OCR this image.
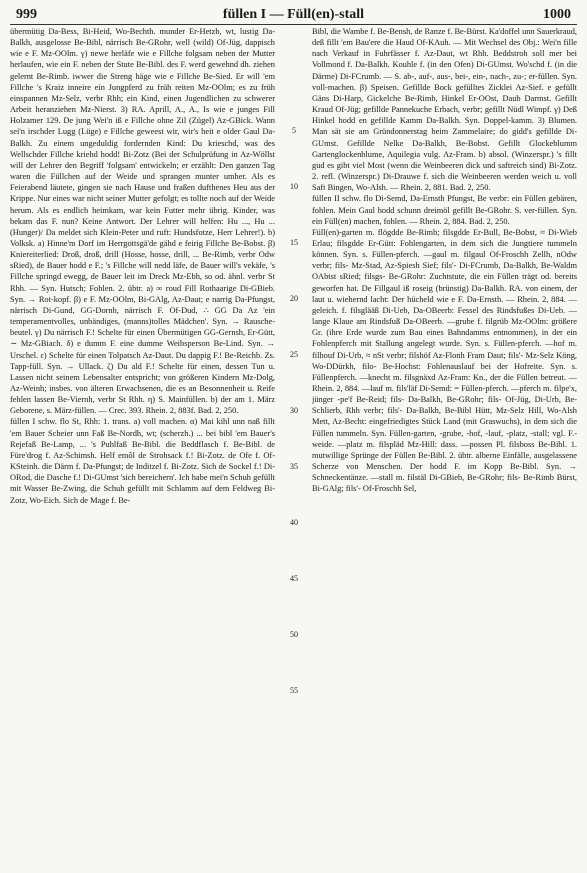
999	füllen I — Füll(en)-stall	1000

übermütig Da-Bess, Bi-Heid, Wo-Bechth. munder Er-Hetzb, wt, lustig Da-Balkh, ausgelosse Be-Bibl, närrisch Be-GRohr, well (wild) Of-Jüg, dappisch wie e F. Mz-OOlm. γ) newe herläfe wie e Fillche folgsam neben der Mutter herlaufen, wie ein F. neben der Stute Be-Bibl. des F. werd gewehnd dh. ziehen gelernt Be-Rimb. iwwer die Streng häge wie e Fillche Be-Sied. Er will 'em Fillche 's Kraiz inneire ein Jungpferd zu früh reiten Mz-OOlm; es zu früh einspannen Mz-Selz, verbr Rhh; ein Kind, einen Jugendlichen zu schwerer Arbeit heranziehen Mz-Nierst. 3) RA. Aprill, A., A., Is wie e junges Fill Holzamer 129. De jung Wei'n iß e Fillche ohne Zil (Zügel) Az-GBick. Wann sei'n irschder Lugg (Lüge) e Fillche geweest wir, wir's heit e older Gaul Da-Balkh. Zu einem ungeduldig fordernden Kind: Du krieschd, was des Wellschder Fillche kriehd hodd! Bi-Zotz (Bei der Schulprüfung in Az-Wöllst will der Lehrer den Begriff 'folgsam' entwickeln; er erzählt: Den ganzen Tag waren die Füllchen auf der Weide und sprangen munter umher. Als es Feierabend läutete, gingen sie nach Hause und fraßen dufthenes Heu aus der Krippe. Nur eines war nicht seiner Mutter gefolgt; es tollte noch auf der Weide herum. Als es endlich heimkam, war kein Futter mehr übrig. Kinder, was bekam das F. nun? Keine Antwort. Der Lehrer will helfen: Hu ..., Hu ... (Hunger)/ Da meldet sich Klein-Peter und ruft: Hundsfotze, Herr Lehrer!). b) Volksk. a) Hinne'm Dorf im Herrgottsgä'de gähd e feirig Fillche Be-Bobst. β) Kniereiterlied: Droß, droß, drill (Hosse, hosse, drill, ... Be-Rimb, verbr Odw sRied), de Bauer hodd e F.; 's Fillche will nedd läfe, de Bauer will's vekäfe, 's Fillche springd ewegg, de Bauer leit im Dreck Mz-Ebh, so od. ähnl. verbr St Rhh. — Syn. Hutsch; Fohlen. 2. übtr. a) ∞ roud Fill Rothaarige Di-GBieb. Syn. → Rot-kopf. β) e F. Mz-OOlm, Bi-GAlg, Az-Daut; e narrig Da-Pfungst, närrisch Di-Gund, GG-Dornh, närrisch F. Of-Dud, ∴ GG Da Az 'ein temperamentvolles, unbändiges, (manns)tolles Mädchen'. Syn. → Rausche-beutel. γ) Du närrisch F.! Schelte für einen Übermütigen GG-Gernsh, Er-Gütt, ∼ Mz-GBiach. δ) e dumm F. eine dumme Weibsperson Be-Lind. Syn. → Urschel. ε) Schelte für einen Tolpatsch Az-Daut. Du dappig F.! Be-Reichb. Zs. Tapp-füll. Syn. → Ullack. ζ) Du ald F.! Schelte für einen, dessen Tun u. Lassen nicht seinem Lebensalter entspricht; von größeren Kindern Mz-Dolg, Az-Weinh; insbes. von älteren Erwachsenen, die es an Besonnenheit u. Reife fehlen lassen Be-Viernh, verbr St Rhh. η) S. Mainfüllen. b) der am 1. März Geborene, s. März-füllen. — Crec. 393. Rhein. 2, 883f. Bad. 2, 250.

füllen I schw. flo St, Rhh: 1. trans. a) voll machen. α) Mai kihl unn naß fillt 'em Bauer Scheier unn Faß Be-Nordh, wt; (scherzh.) ... bei bibl 'em Bauer's Rejefaß Be-Lamp, ... 's Puhlfaß Be-Bibl. die Beddflasch f. Be-Bibl. de Füre'drog f. Az-Schimsh. Helf emôl de Strohsack f.! Bi-Zotz. de Ofe f. Of-KSteinh. die Därm f. Da-Pfungst; de Inditzel f. Bi-Zotz. Sich de Sockel f.! Di-ORod, die Dasche f.! Di-GUmst 'sich bereichern'. Ich habe mei'n Schuh gefüllt mit Wasser Be-Zwing, die Schuh gefüllt mit Schlamm auf dem Feldweg Bi-Zotz, Wo-Eich. Sich de Mage f. Be-

5
10
15
20
25
30
35
40
45
50
55

Bibl, die Wambe f. Be-Bensh, de Ranze f. Be-Bürst. Ka'doffel unn Sauerkraud, deß fillt 'em Bau'ere die Haud Of-KAuh. — Mit Wechsel des Obj.: Wei'n fille nach Verkauf in Fuhrfässer f. Az-Daut, wt Rhh. Beddstroh soll mer bei Vollmond f. Da-Balkh. Kouhle f. (in den Ofen) Di-GUmst. Wo'schd f. (in die Därme) Di-FCrumb. — S. ab-, auf-, aus-, bei-, ein-, nach-, zu-; er-füllen. Syn. voll-machen. β) Speisen. Gefillde Bock gefülltes Zicklei Az-Sief. e gefüllt Gäns Di-Harp, Gickelche Be-Rimb, Hinkel Er-OOst, Daub Darmst. Gefillt Kraud Of-Jüg; gefillde Pannekuche Erbach, verbr; gefillt Nüdl Wimpf. γ) Deß Hinkel hodd en gefillde Kamm Da-Balkh. Syn. Doppel-kamm. 3) Blumen. Man sät sie am Gründonnerstag beim Zammelaire; do gidd's gefillde Di-GUmst. Gefillde Nelke Da-Balkh, Be-Bobst. Gefillt Glockeblumm Gartenglockenblume, Aquilegia vulg. Az-Fram. b) absol. (Winzerspr.) 's fillt gud es gibt viel Most (wenn die Weinbeeren dick und saftreich sind) Bi-Zotz. 2. refl. (Winzerspr.) Di-Drauwe f. sich die Weinbeeren werden weich u. voll Saft Bingen, Wo-Alsh. — Rhein. 2, 881. Bad. 2, 250.

füllen II schw. flo Di-Semd, Da-Ernsth Pfungst, Be verbr: ein Füllen gebären, fohlen. Mein Gaul hodd schunn dreimöl gefillt Be-GRohr. S. ver-füllen. Syn. ein Füll(en) machen, fohlen. — Rhein. 2, 884. Bad. 2, 250.

Füll(en)-garten m. flögdde Be-Rimb; filsgdde Er-Bull, Be-Bobst, ≈ Di-Wieb Erlau; filsgdde Er-Gütt: Fohlengarten, in dem sich die Jungtiere tummeln können. Syn. s. Füllen-pferch. —gaul m. filgaul Of-Froschh Zellh, nOdw verbr; fils- Mz-Stad, Az-Spiesh Sief; fils'- Di-FCrumb, Da-Balkh, Be-Waldm OAbtst sRied; filsgs- Be-GRohr: Zuchtstute, die ein Füllen trägt od. bereits geworfen hat. De Fillgaul iß roseig (brünstig) Da-Balkh. RA. von einem, der laut u. wiehernd lacht: Der hücheld wie e F. Da-Ernsth. — Rhein. 2, 884. —geleich. f. filsglääß Di-Ueb, Da-OBeerb: Fessel des Rindsfußes Di-Ueb. — lange Klaue am Rindsfuß Da-OBeerb. —grube f. filgrüb Mz-OOlm: größere Gr. (ihre Erde wurde zum Bau eines Bahndamms entnommen), in der ein Fohlenpferch mit Stallung angelegt wurde. Syn. s. Füllen-pferch. —hof m. filhouf Di-Urb, ≈ nSt verbr; filshöf Az-Flonh Fram Daut; fils'- Mz-Selz Köng, Wo-DDürkh, filo- Be-Hochst: Fohlenauslauf bei der Hofreite. Syn. s. Füllenpferch. —knecht m. filsgnäxd Az-Fram: Kn., der die Füllen betreut. — Rhein. 2, 884. —lauf m. fils'läf Di-Semd: = Füllen-pferch. —pferch m. filpe'x, jünger -pe'f Be-Reid; fils- Da-Balkh, Be-GRohr; fils- Of-Jüg, Di-Urb, Be-Schlierb, Rhh verbr; fils'- Da-Balkh, Be-Bibl Hütt, Mz-Selz Hill, Wo-Alsh Mett, Az-Becht: eingefriedigtes Stück Land (mit Graswuchs), in dem sich die Füllen tummeln. Syn. Füllen-garten, -grube, -hof, -lauf, -platz, -stall; vgl. F.-weide. —platz m. filspläd Mz-Hill: dass. —possen Pl. filsboss Be-Bibl. 1. mutwillige Sprünge der Füllen Be-Bibl. 2. übtr. alberne Einfälle, ausgelassene Scherze von Menschen. Der hodd F. im Kopp Be-Bibl. Syn. → Schneckentänze. —stall m. filstäl Di-GBieb, Be-GRohr; fils- Be-Rimb Bürst, Bi-GAlg; fils'- Of-Froschh Sel,
